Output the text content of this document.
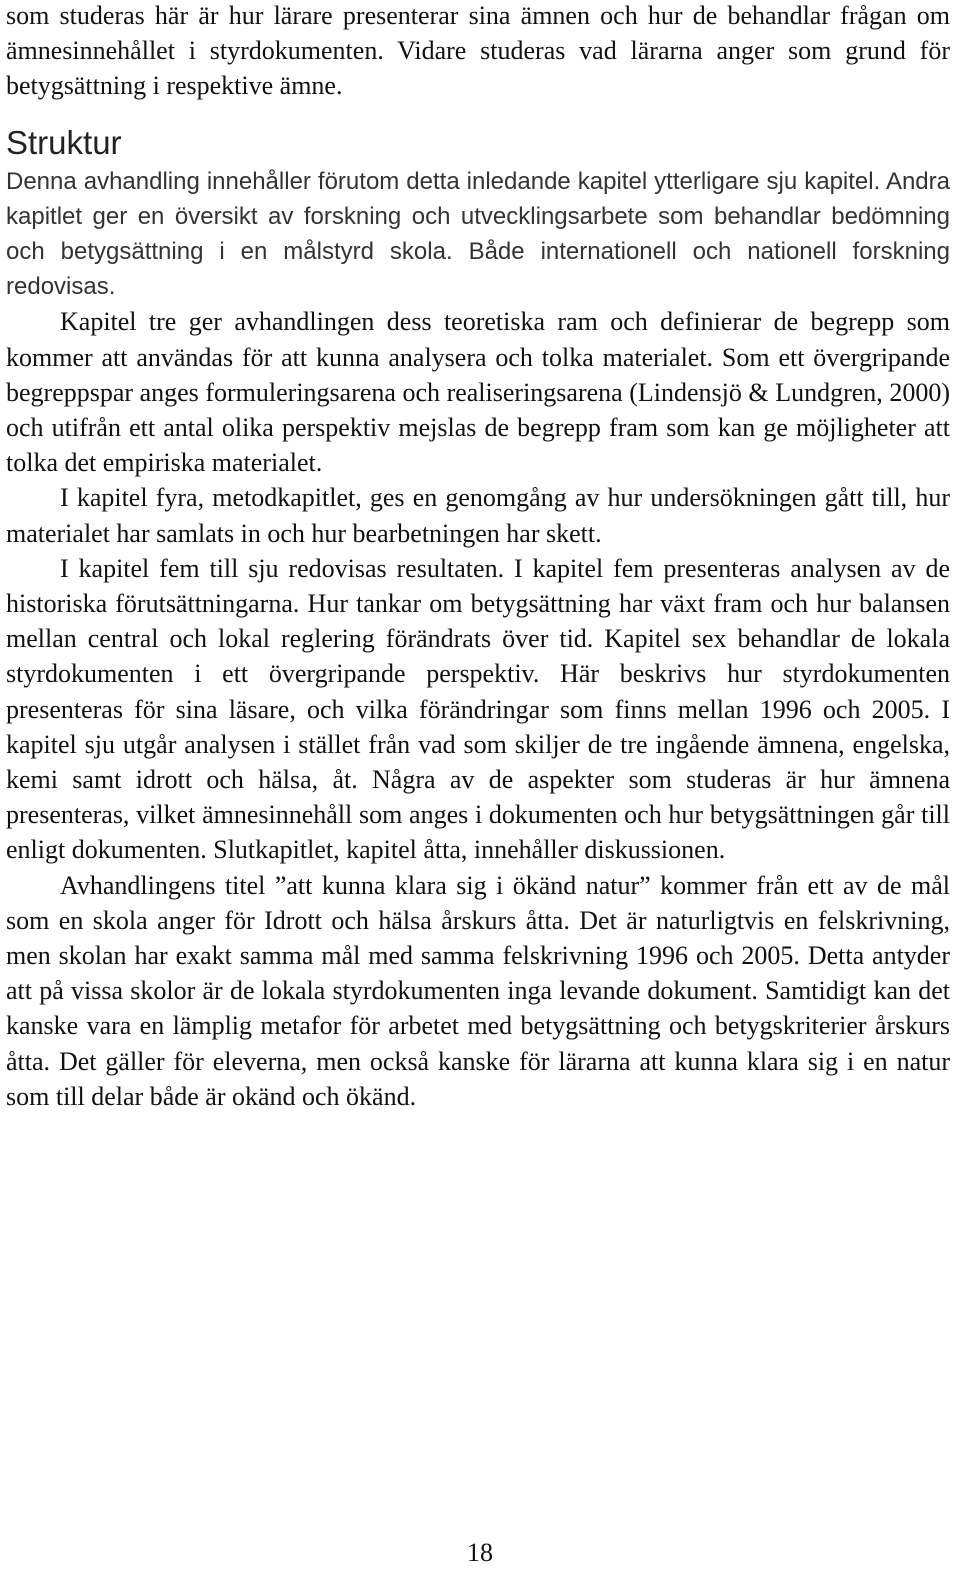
som studeras här är hur lärare presenterar sina ämnen och hur de behandlar frågan om ämnesinnehållet i styrdokumenten. Vidare studeras vad lärarna anger som grund för betygsättning i respektive ämne.

Struktur

Denna avhandling innehåller förutom detta inledande kapitel ytterligare sju kapitel. Andra kapitlet ger en översikt av forskning och utvecklingsarbete som behandlar bedömning och betygsättning i en målstyrd skola. Både internationell och nationell forskning redovisas.

Kapitel tre ger avhandlingen dess teoretiska ram och definierar de begrepp som kommer att användas för att kunna analysera och tolka materialet. Som ett övergripande begreppspar anges formuleringsarena och realiseringsarena (Lindensjö & Lundgren, 2000) och utifrån ett antal olika perspektiv mejslas de begrepp fram som kan ge möjligheter att tolka det empiriska materialet.

I kapitel fyra, metodkapitlet, ges en genomgång av hur undersökningen gått till, hur materialet har samlats in och hur bearbetningen har skett.

I kapitel fem till sju redovisas resultaten. I kapitel fem presenteras analysen av de historiska förutsättningarna. Hur tankar om betygsättning har växt fram och hur balansen mellan central och lokal reglering förändrats över tid. Kapitel sex behandlar de lokala styrdokumenten i ett övergripande perspektiv. Här beskrivs hur styrdokumenten presenteras för sina läsare, och vilka förändringar som finns mellan 1996 och 2005. I kapitel sju utgår analysen i stället från vad som skiljer de tre ingående ämnena, engelska, kemi samt idrott och hälsa, åt. Några av de aspekter som studeras är hur ämnena presenteras, vilket ämnesinnehåll som anges i dokumenten och hur betygsättningen går till enligt dokumenten. Slutkapitlet, kapitel åtta, innehåller diskussionen.

Avhandlingens titel ”att kunna klara sig i ökänd natur” kommer från ett av de mål som en skola anger för Idrott och hälsa årskurs åtta. Det är naturligtvis en felskrivning, men skolan har exakt samma mål med samma felskrivning 1996 och 2005. Detta antyder att på vissa skolor är de lokala styrdokumenten inga levande dokument. Samtidigt kan det kanske vara en lämplig metafor för arbetet med betygsättning och betygskriterier årskurs åtta. Det gäller för eleverna, men också kanske för lärarna att kunna klara sig i en natur som till delar både är okänd och ökänd.

18
